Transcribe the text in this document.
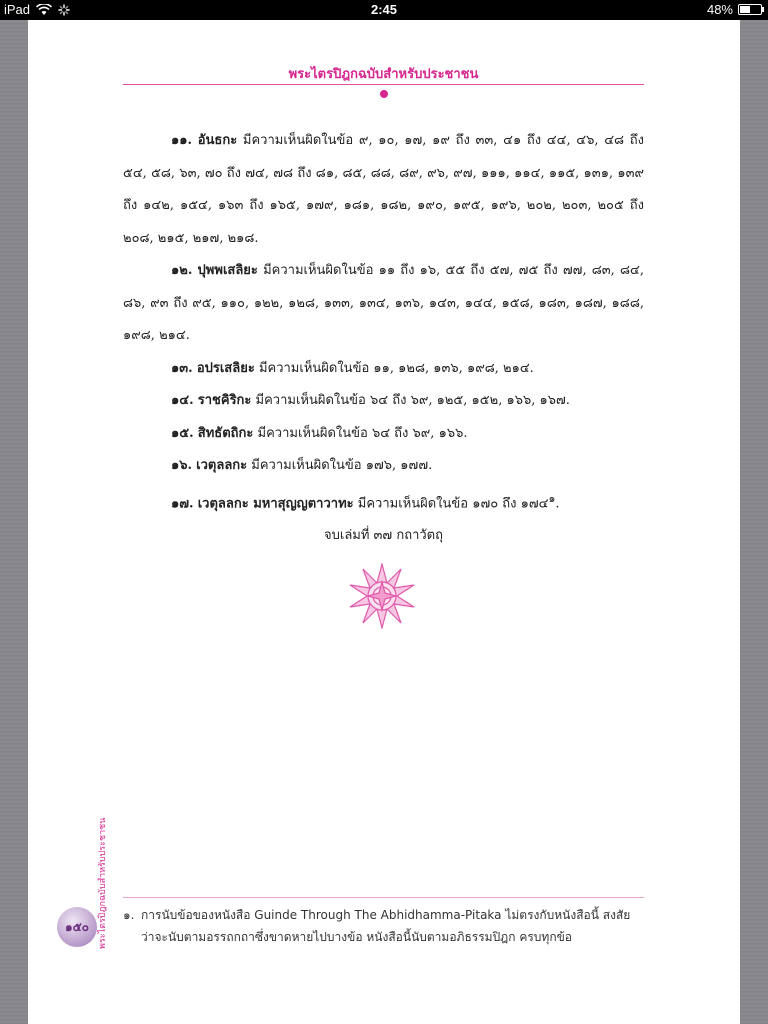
iPad	2:45	48%
พระไตรปิฎกฉบับสำหรับประชาชน

๑๑. อันธกะ มีความเห็นผิดในข้อ ๙, ๑๐, ๑๗, ๑๙ ถึง ๓๓, ๔๑ ถึง ๔๔, ๔๖, ๔๘ ถึง ๕๔, ๕๘, ๖๓, ๗๐ ถึง ๗๔, ๗๘ ถึง ๘๑, ๘๕, ๘๘, ๘๙, ๙๖, ๙๗, ๑๑๑, ๑๑๔, ๑๑๕, ๑๓๑, ๑๓๙ ถึง ๑๔๒, ๑๕๔, ๑๖๓ ถึง ๑๖๕, ๑๗๙, ๑๘๑, ๑๘๒, ๑๙๐, ๑๙๕, ๑๙๖, ๒๐๒, ๒๐๓, ๒๐๕ ถึง ๒๐๘, ๒๑๕, ๒๑๗, ๒๑๘.

๑๒. ปุพพเสลิยะ มีความเห็นผิดในข้อ ๑๑ ถึง ๑๖, ๕๕ ถึง ๕๗, ๗๕ ถึง ๗๗, ๘๓, ๘๔, ๘๖, ๙๓ ถึง ๙๕, ๑๑๐, ๑๒๒, ๑๒๘, ๑๓๓, ๑๓๔, ๑๓๖, ๑๔๓, ๑๔๔, ๑๕๘, ๑๘๓, ๑๘๗, ๑๘๘, ๑๙๘, ๒๑๔.

๑๓. อปรเสลิยะ มีความเห็นผิดในข้อ ๑๑, ๑๒๘, ๑๓๖, ๑๙๘, ๒๑๔.

๑๔. ราชคิริกะ มีความเห็นผิดในข้อ ๖๔ ถึง ๖๙, ๑๒๕, ๑๕๒, ๑๖๖, ๑๖๗.

๑๕. สิทธัตถิกะ มีความเห็นผิดในข้อ ๖๔ ถึง ๖๙, ๑๖๖.

๑๖. เวตุลลกะ มีความเห็นผิดในข้อ ๑๗๖, ๑๗๗.

๑๗. เวตุลลกะ มหาสุญญตาวาทะ มีความเห็นผิดในข้อ ๑๗๐ ถึง ๑๗๔$^๑$.

จบเล่มที่ ๓๗ กถาวัตถุ

พระไตรปิฎกฉบับสำหรับประชาชน
๑๕๐
๑. การนับข้อของหนังสือ Guinde Through The Abhidhamma-Pitaka ไม่ตรงกับหนังสือนี้ สงสัย
ว่าจะนับตามอรรถกถาซึ่งขาดหายไปบางข้อ หนังสือนี้นับตามอภิธรรมปิฎก ครบทุกข้อ
